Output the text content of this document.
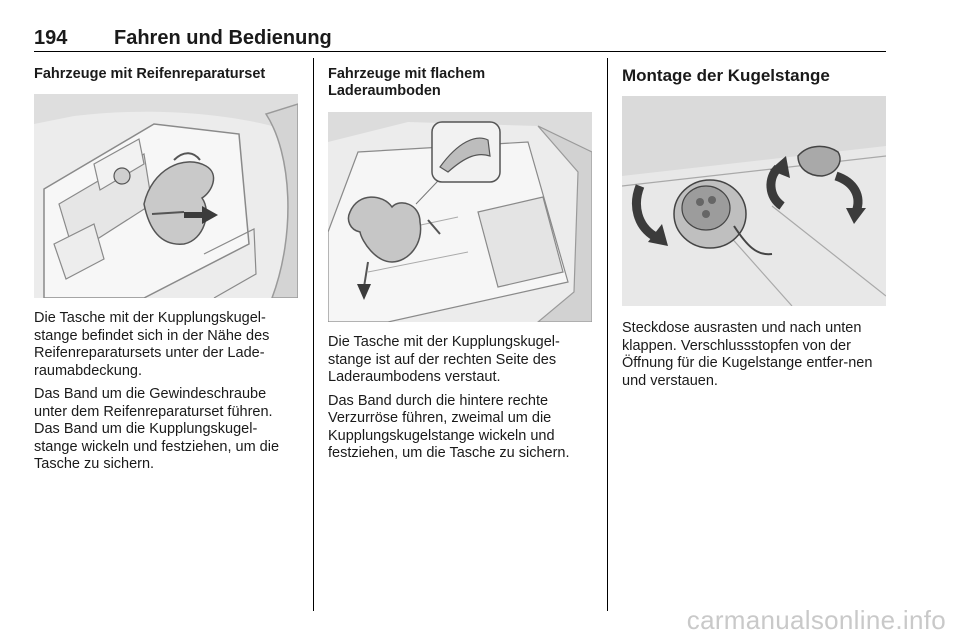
194 Fahren und Bedienung
Fahrzeuge mit Reifenreparaturset

Die Tasche mit der Kupplungskugel-stange befindet sich in der Nähe des Reifenreparatursets unter der Lade-raumabdeckung.

Das Band um die Gewindeschraube unter dem Reifenreparaturset führen. Das Band um die Kupplungskugel-stange wickeln und festziehen, um die Tasche zu sichern.

Fahrzeuge mit flachem
Laderaumboden

Die Tasche mit der Kupplungskugel-stange ist auf der rechten Seite des Laderaumbodens verstaut.

Das Band durch die hintere rechte Verzurröse führen, zweimal um die Kupplungskugelstange wickeln und festziehen, um die Tasche zu sichern.

Montage der Kugelstange

Steckdose ausrasten und nach unten klappen. Verschlussstopfen von der Öffnung für die Kugelstange entfer-nen und verstauen.

carmanualsonline.info
